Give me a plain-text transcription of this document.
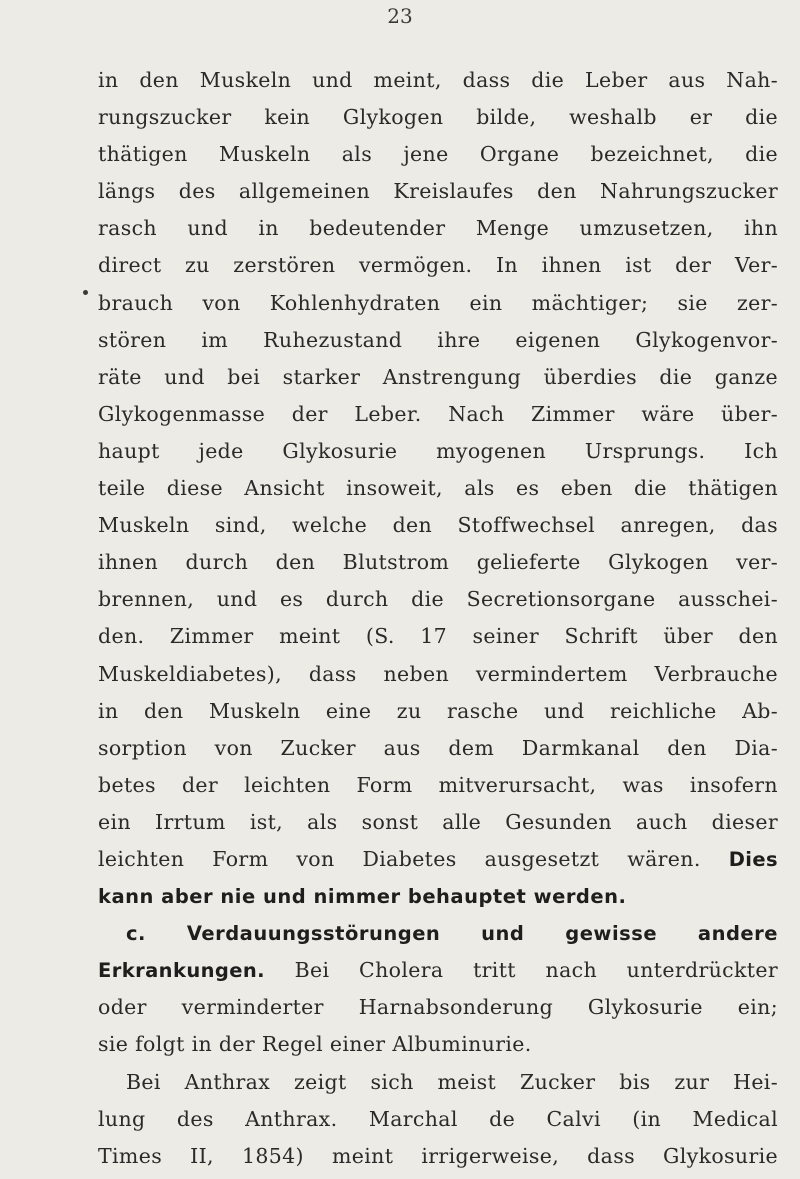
23
in den Muskeln und meint, dass die Leber aus Nah-
rungszucker kein Glykogen bilde, weshalb er die
thätigen Muskeln als jene Organe bezeichnet, die
längs des allgemeinen Kreislaufes den Nahrungszucker
rasch und in bedeutender Menge umzusetzen, ihn
direct zu zerstören vermögen. In ihnen ist der Ver-
brauch von Kohlenhydraten ein mächtiger; sie zer-
stören im Ruhezustand ihre eigenen Glykogenvor-
räte und bei starker Anstrengung überdies die ganze
Glykogenmasse der Leber. Nach Zimmer wäre über-
haupt jede Glykosurie myogenen Ursprungs. Ich
teile diese Ansicht insoweit, als es eben die thätigen
Muskeln sind, welche den Stoffwechsel anregen, das
ihnen durch den Blutstrom gelieferte Glykogen ver-
brennen, und es durch die Secretionsorgane ausschei-
den. Zimmer meint (S. 17 seiner Schrift über den
Muskeldiabetes), dass neben vermindertem Verbrauche
in den Muskeln eine zu rasche und reichliche Ab-
sorption von Zucker aus dem Darmkanal den Dia-
betes der leichten Form mitverursacht, was insofern
ein Irrtum ist, als sonst alle Gesunden auch dieser
leichten Form von Diabetes ausgesetzt wären. Dies
kann aber nie und nimmer behauptet werden.
c. Verdauungsstörungen und gewisse andere
Erkrankungen. Bei Cholera tritt nach unterdrückter
oder verminderter Harnabsonderung Glykosurie ein;
sie folgt in der Regel einer Albuminurie.
Bei Anthrax zeigt sich meist Zucker bis zur Hei-
lung des Anthrax. Marchal de Calvi (in Medical
Times II, 1854) meint irrigerweise, dass Glykosurie
